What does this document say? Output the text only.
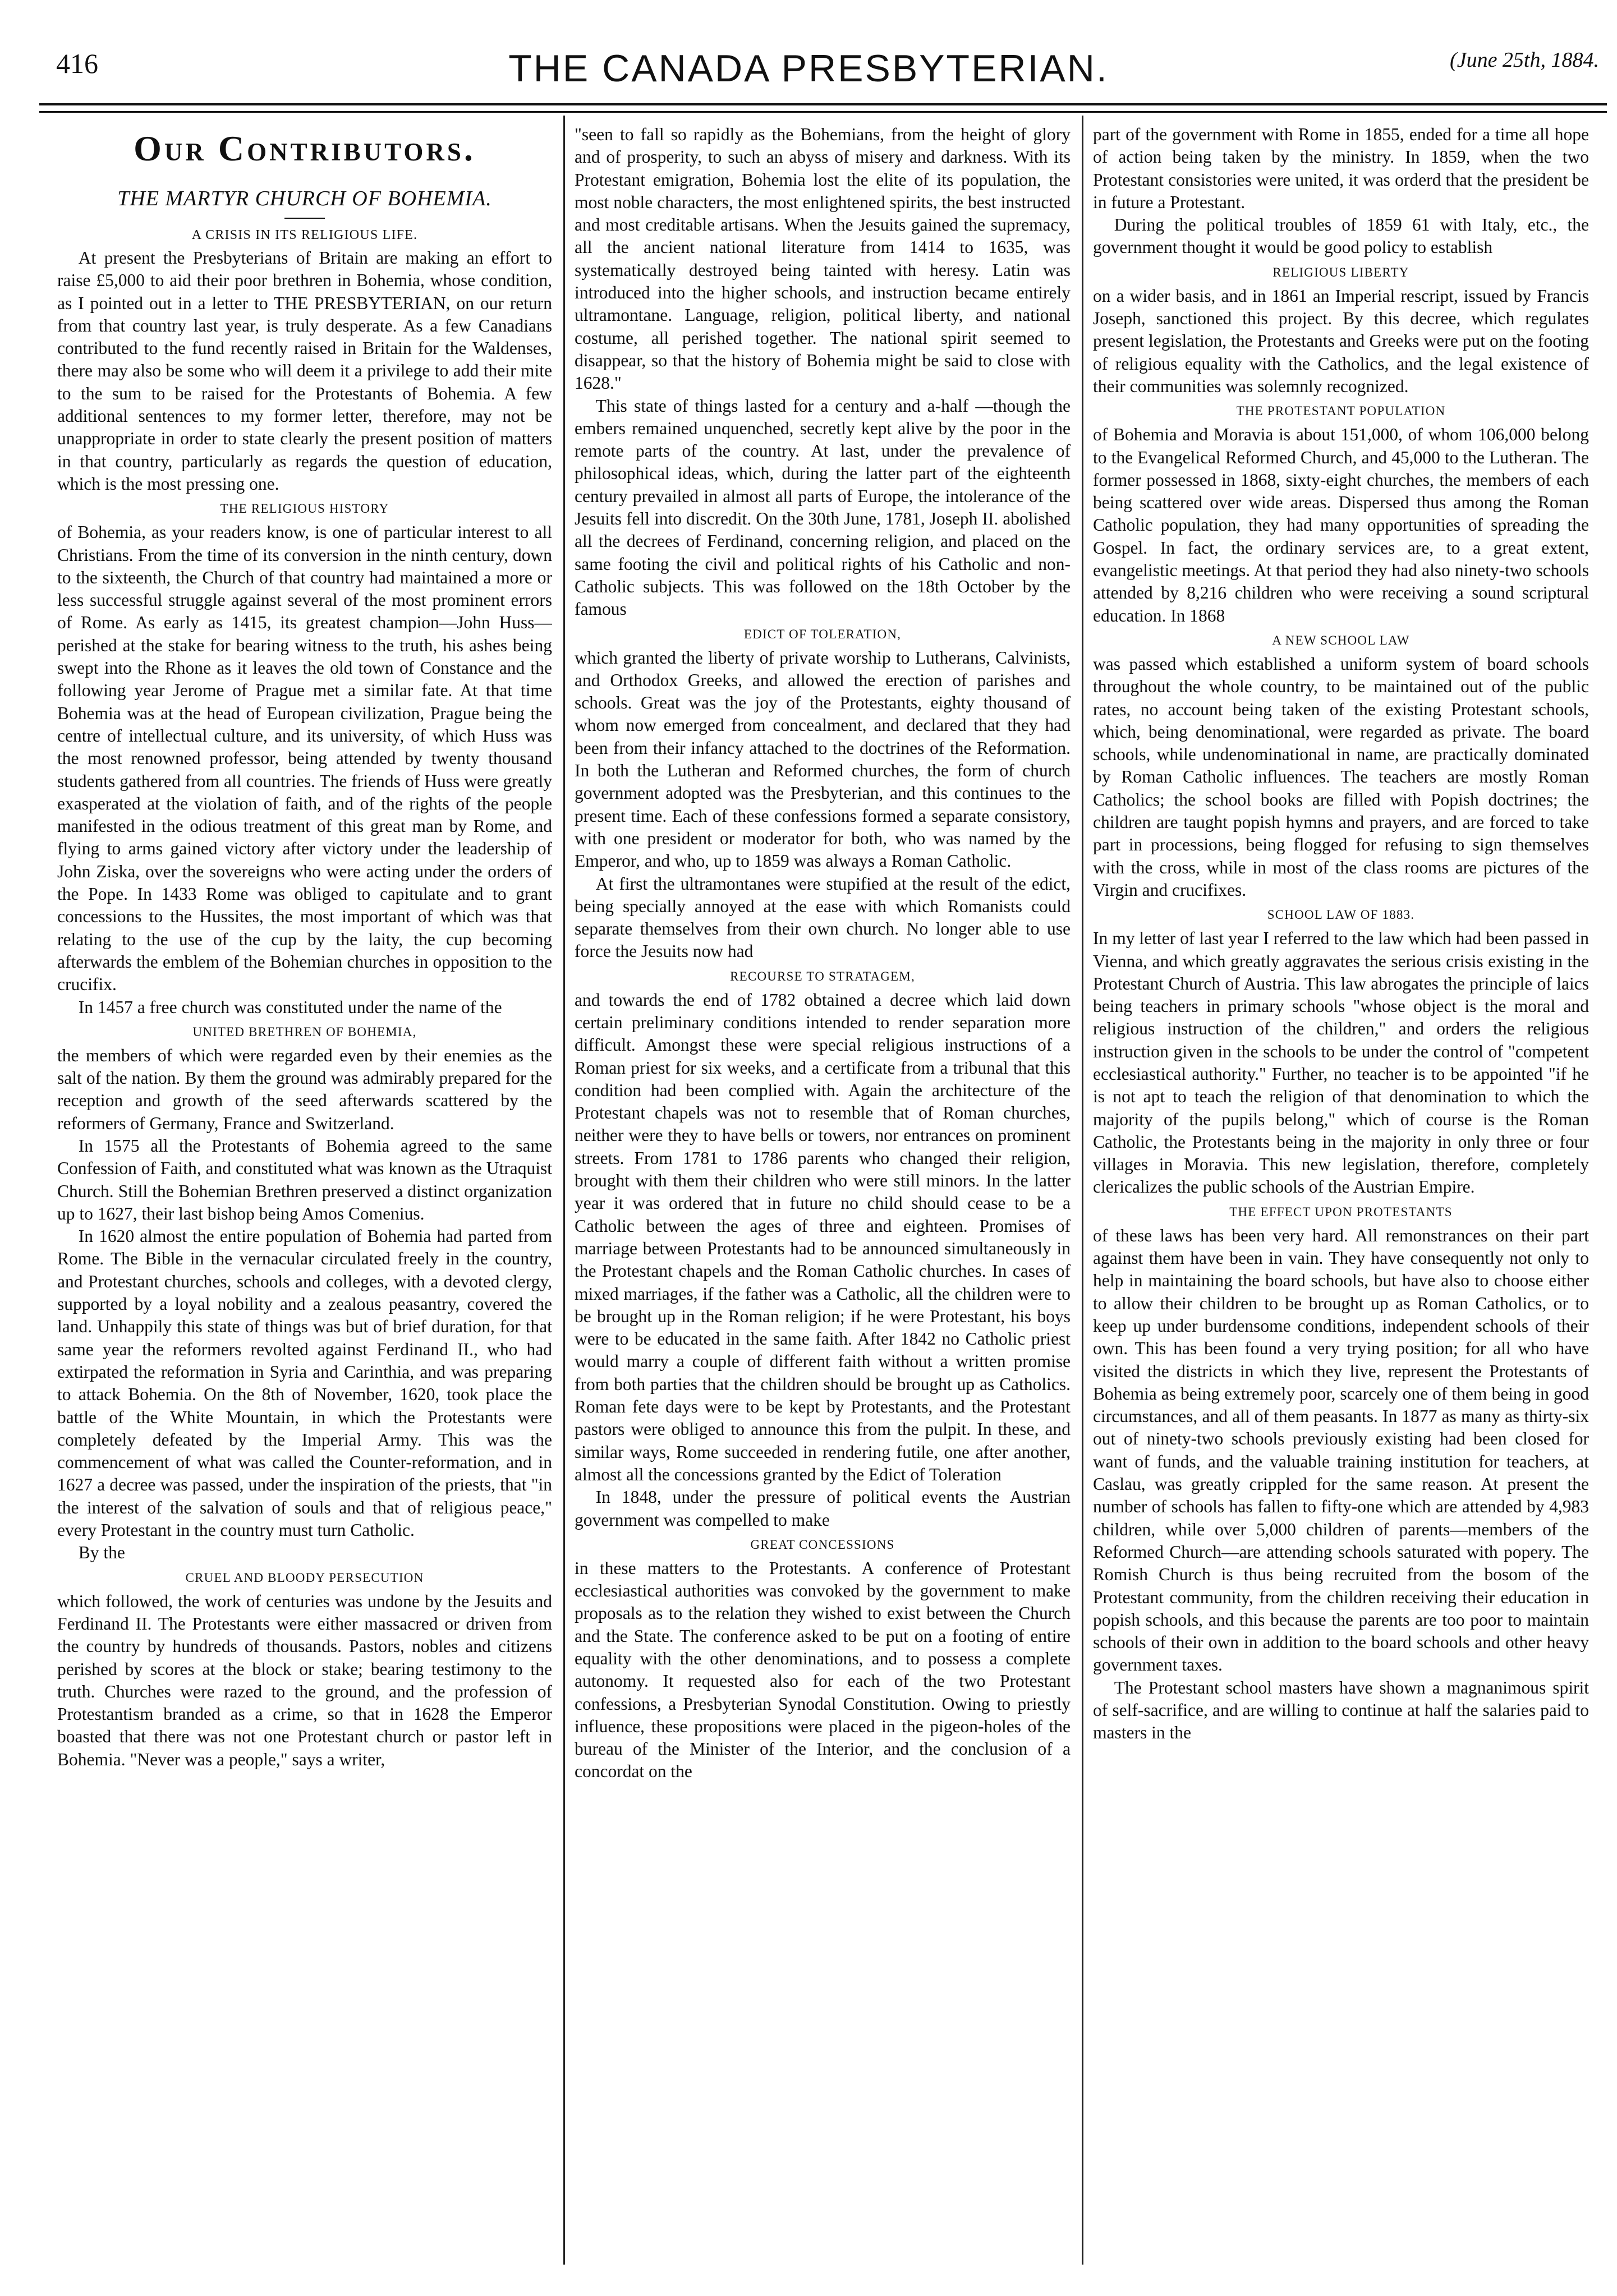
416	THE CANADA PRESBYTERIAN.	(June 25th, 1884.
Our Contributors.
THE MARTYR CHURCH OF BOHEMIA.
A CRISIS IN ITS RELIGIOUS LIFE.

At present the Presbyterians of Britain are making an effort to raise £5,000 to aid their poor brethren in Bohemia, whose condition, as I pointed out in a letter to THE PRESBYTERIAN, on our return from that country last year, is truly desperate. As a few Canadians contributed to the fund recently raised in Britain for the Waldenses, there may also be some who will deem it a privilege to add their mite to the sum to be raised for the Protestants of Bohemia. A few additional sentences to my former letter, therefore, may not be unappropriate in order to state clearly the present position of matters in that country, particularly as regards the question of education, which is the most pressing one.

THE RELIGIOUS HISTORY

of Bohemia, as your readers know, is one of particular interest to all Christians. From the time of its conversion in the ninth century, down to the sixteenth, the Church of that country had maintained a more or less successful struggle against several of the most prominent errors of Rome. As early as 1415, its greatest champion—John Huss—perished at the stake for bearing witness to the truth, his ashes being swept into the Rhone as it leaves the old town of Constance and the following year Jerome of Prague met a similar fate. At that time Bohemia was at the head of European civilization, Prague being the centre of intellectual culture, and its university, of which Huss was the most renowned professor, being attended by twenty thousand students gathered from all countries. The friends of Huss were greatly exasperated at the violation of faith, and of the rights of the people manifested in the odious treatment of this great man by Rome, and flying to arms gained victory after victory under the leadership of John Ziska, over the sovereigns who were acting under the orders of the Pope. In 1433 Rome was obliged to capitulate and to grant concessions to the Hussites, the most important of which was that relating to the use of the cup by the laity, the cup becoming afterwards the emblem of the Bohemian churches in opposition to the crucifix.

In 1457 a free church was constituted under the name of the

UNITED BRETHREN OF BOHEMIA,

the members of which were regarded even by their enemies as the salt of the nation. By them the ground was admirably prepared for the reception and growth of the seed afterwards scattered by the reformers of Germany, France and Switzerland.

In 1575 all the Protestants of Bohemia agreed to the same Confession of Faith, and constituted what was known as the Utraquist Church. Still the Bohemian Brethren preserved a distinct organization up to 1627, their last bishop being Amos Comenius.

In 1620 almost the entire population of Bohemia had parted from Rome. The Bible in the vernacular circulated freely in the country, and Protestant churches, schools and colleges, with a devoted clergy, supported by a loyal nobility and a zealous peasantry, covered the land. Unhappily this state of things was but of brief duration, for that same year the reformers revolted against Ferdinand II., who had extirpated the reformation in Syria and Carinthia, and was preparing to attack Bohemia. On the 8th of November, 1620, took place the battle of the White Mountain, in which the Protestants were completely defeated by the Imperial Army. This was the commencement of what was called the Counter-reformation, and in 1627 a decree was passed, under the inspiration of the priests, that "in the interest of the salvation of souls and that of religious peace," every Protestant in the country must turn Catholic.

By the

CRUEL AND BLOODY PERSECUTION

which followed, the work of centuries was undone by the Jesuits and Ferdinand II. The Protestants were either massacred or driven from the country by hundreds of thousands. Pastors, nobles and citizens perished by scores at the block or stake; bearing testimony to the truth. Churches were razed to the ground, and the profession of Protestantism branded as a crime, so that in 1628 the Emperor boasted that there was not one Protestant church or pastor left in Bohemia. "Never was a people," says a writer,

"seen to fall so rapidly as the Bohemians, from the height of glory and of prosperity, to such an abyss of misery and darkness. With its Protestant emigration, Bohemia lost the elite of its population, the most noble characters, the most enlightened spirits, the best instructed and most creditable artisans. When the Jesuits gained the supremacy, all the ancient national literature from 1414 to 1635, was systematically destroyed being tainted with heresy. Latin was introduced into the higher schools, and instruction became entirely ultramontane. Language, religion, political liberty, and national costume, all perished together. The national spirit seemed to disappear, so that the history of Bohemia might be said to close with 1628."

This state of things lasted for a century and a-half —though the embers remained unquenched, secretly kept alive by the poor in the remote parts of the country. At last, under the prevalence of philosophical ideas, which, during the latter part of the eighteenth century prevailed in almost all parts of Europe, the intolerance of the Jesuits fell into discredit. On the 30th June, 1781, Joseph II. abolished all the decrees of Ferdinand, concerning religion, and placed on the same footing the civil and political rights of his Catholic and non-Catholic subjects. This was followed on the 18th October by the famous

EDICT OF TOLERATION,

which granted the liberty of private worship to Lutherans, Calvinists, and Orthodox Greeks, and allowed the erection of parishes and schools. Great was the joy of the Protestants, eighty thousand of whom now emerged from concealment, and declared that they had been from their infancy attached to the doctrines of the Reformation. In both the Lutheran and Reformed churches, the form of church government adopted was the Presbyterian, and this continues to the present time. Each of these confessions formed a separate consistory, with one president or moderator for both, who was named by the Emperor, and who, up to 1859 was always a Roman Catholic.

At first the ultramontanes were stupified at the result of the edict, being specially annoyed at the ease with which Romanists could separate themselves from their own church. No longer able to use force the Jesuits now had

RECOURSE TO STRATAGEM,

and towards the end of 1782 obtained a decree which laid down certain preliminary conditions intended to render separation more difficult. Amongst these were special religious instructions of a Roman priest for six weeks, and a certificate from a tribunal that this condition had been complied with. Again the architecture of the Protestant chapels was not to resemble that of Roman churches, neither were they to have bells or towers, nor entrances on prominent streets. From 1781 to 1786 parents who changed their religion, brought with them their children who were still minors. In the latter year it was ordered that in future no child should cease to be a Catholic between the ages of three and eighteen. Promises of marriage between Protestants had to be announced simultaneously in the Protestant chapels and the Roman Catholic churches. In cases of mixed marriages, if the father was a Catholic, all the children were to be brought up in the Roman religion; if he were Protestant, his boys were to be educated in the same faith. After 1842 no Catholic priest would marry a couple of different faith without a written promise from both parties that the children should be brought up as Catholics. Roman fete days were to be kept by Protestants, and the Protestant pastors were obliged to announce this from the pulpit. In these, and similar ways, Rome succeeded in rendering futile, one after another, almost all the concessions granted by the Edict of Toleration

In 1848, under the pressure of political events the Austrian government was compelled to make

GREAT CONCESSIONS

in these matters to the Protestants. A conference of Protestant ecclesiastical authorities was convoked by the government to make proposals as to the relation they wished to exist between the Church and the State. The conference asked to be put on a footing of entire equality with the other denominations, and to possess a complete autonomy. It requested also for each of the two Protestant confessions, a Presbyterian Synodal Constitution. Owing to priestly influence, these propositions were placed in the pigeon-holes of the bureau of the Minister of the Interior, and the conclusion of a concordat on the

part of the government with Rome in 1855, ended for a time all hope of action being taken by the ministry. In 1859, when the two Protestant consistories were united, it was orderd that the president be in future a Protestant.

During the political troubles of 1859 61 with Italy, etc., the government thought it would be good policy to establish

RELIGIOUS LIBERTY

on a wider basis, and in 1861 an Imperial rescript, issued by Francis Joseph, sanctioned this project. By this decree, which regulates present legislation, the Protestants and Greeks were put on the footing of religious equality with the Catholics, and the legal existence of their communities was solemnly recognized.

THE PROTESTANT POPULATION

of Bohemia and Moravia is about 151,000, of whom 106,000 belong to the Evangelical Reformed Church, and 45,000 to the Lutheran. The former possessed in 1868, sixty-eight churches, the members of each being scattered over wide areas. Dispersed thus among the Roman Catholic population, they had many opportunities of spreading the Gospel. In fact, the ordinary services are, to a great extent, evangelistic meetings. At that period they had also ninety-two schools attended by 8,216 children who were receiving a sound scriptural education. In 1868

A NEW SCHOOL LAW

was passed which established a uniform system of board schools throughout the whole country, to be maintained out of the public rates, no account being taken of the existing Protestant schools, which, being denominational, were regarded as private. The board schools, while undenominational in name, are practically dominated by Roman Catholic influences. The teachers are mostly Roman Catholics; the school books are filled with Popish doctrines; the children are taught popish hymns and prayers, and are forced to take part in processions, being flogged for refusing to sign themselves with the cross, while in most of the class rooms are pictures of the Virgin and crucifixes.

SCHOOL LAW OF 1883.

In my letter of last year I referred to the law which had been passed in Vienna, and which greatly aggravates the serious crisis existing in the Protestant Church of Austria. This law abrogates the principle of laics being teachers in primary schools "whose object is the moral and religious instruction of the children," and orders the religious instruction given in the schools to be under the control of "competent ecclesiastical authority." Further, no teacher is to be appointed "if he is not apt to teach the religion of that denomination to which the majority of the pupils belong," which of course is the Roman Catholic, the Protestants being in the majority in only three or four villages in Moravia. This new legislation, therefore, completely clericalizes the public schools of the Austrian Empire.

THE EFFECT UPON PROTESTANTS

of these laws has been very hard. All remonstrances on their part against them have been in vain. They have consequently not only to help in maintaining the board schools, but have also to choose either to allow their children to be brought up as Roman Catholics, or to keep up under burdensome conditions, independent schools of their own. This has been found a very trying position; for all who have visited the districts in which they live, represent the Protestants of Bohemia as being extremely poor, scarcely one of them being in good circumstances, and all of them peasants. In 1877 as many as thirty-six out of ninety-two schools previously existing had been closed for want of funds, and the valuable training institution for teachers, at Caslau, was greatly crippled for the same reason. At present the number of schools has fallen to fifty-one which are attended by 4,983 children, while over 5,000 children of parents—members of the Reformed Church—are attending schools saturated with popery. The Romish Church is thus being recruited from the bosom of the Protestant community, from the children receiving their education in popish schools, and this because the parents are too poor to maintain schools of their own in addition to the board schools and other heavy government taxes.

The Protestant school masters have shown a magnanimous spirit of self-sacrifice, and are willing to continue at half the salaries paid to masters in the
